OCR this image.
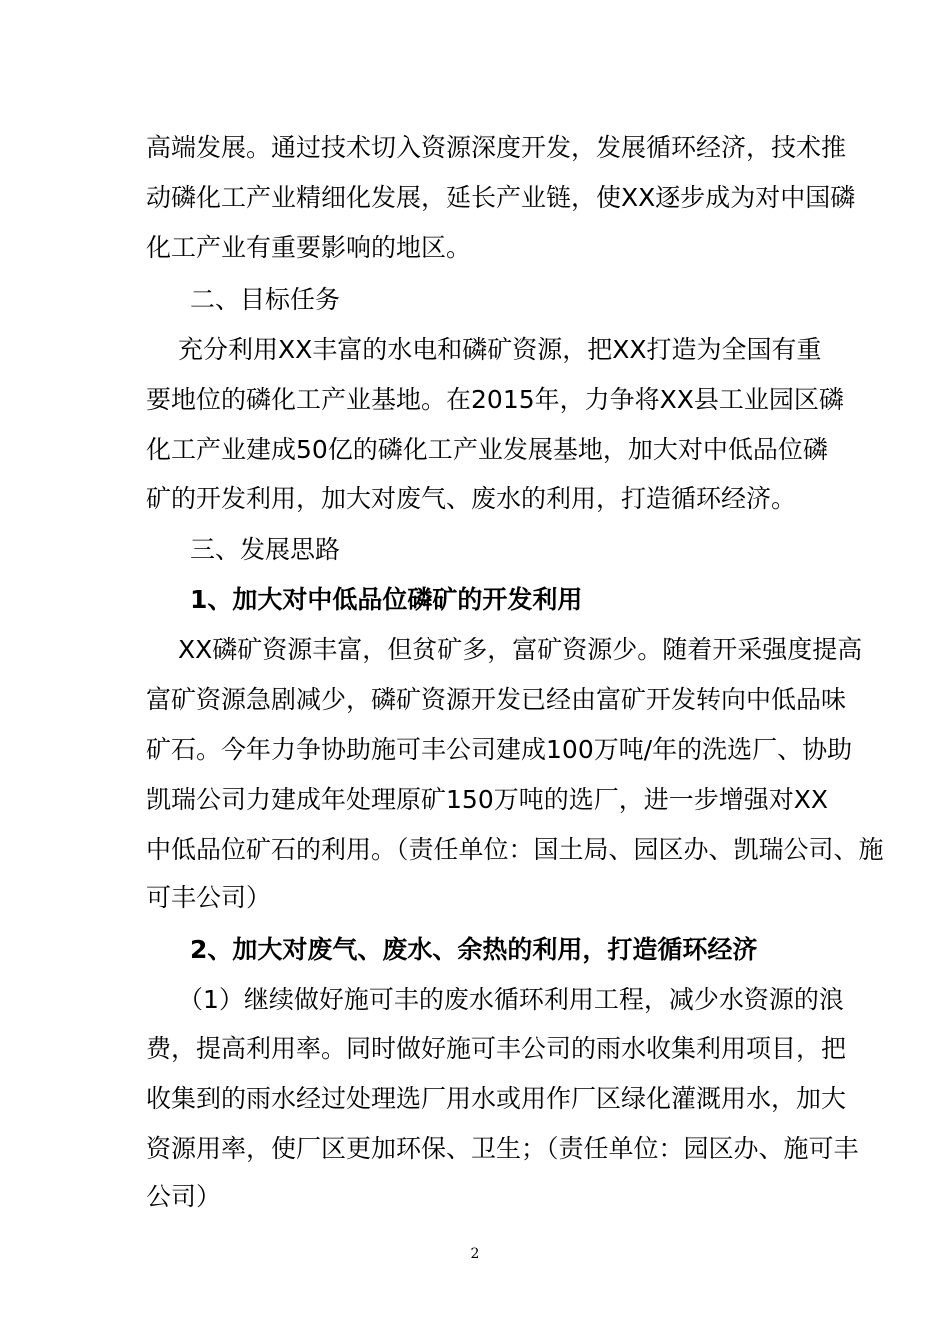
高端发展。通过技术切入资源深度开发，发展循环经济，技术推
动磷化工产业精细化发展，延长产业链，使XX逐步成为对中国磷
化工产业有重要影响的地区。
二、目标任务
充分利用XX丰富的水电和磷矿资源，把XX打造为全国有重
要地位的磷化工产业基地。在2015年，力争将XX县工业园区磷
化工产业建成50亿的磷化工产业发展基地，加大对中低品位磷
矿的开发利用，加大对废气、废水的利用，打造循环经济。
三、发展思路
1、加大对中低品位磷矿的开发利用
XX磷矿资源丰富，但贫矿多，富矿资源少。随着开采强度提高
富矿资源急剧减少，磷矿资源开发已经由富矿开发转向中低品味
矿石。今年力争协助施可丰公司建成100万吨/年的洗选厂、协助
凯瑞公司力建成年处理原矿150万吨的选厂，进一步增强对XX
中低品位矿石的利用。（责任单位：国土局、园区办、凯瑞公司、施
可丰公司）
2、加大对废气、废水、余热的利用，打造循环经济
（1）继续做好施可丰的废水循环利用工程，减少水资源的浪
费，提高利用率。同时做好施可丰公司的雨水收集利用项目，把
收集到的雨水经过处理选厂用水或用作厂区绿化灌溉用水，加大
资源用率，使厂区更加环保、卫生；（责任单位：园区办、施可丰
公司）
2
